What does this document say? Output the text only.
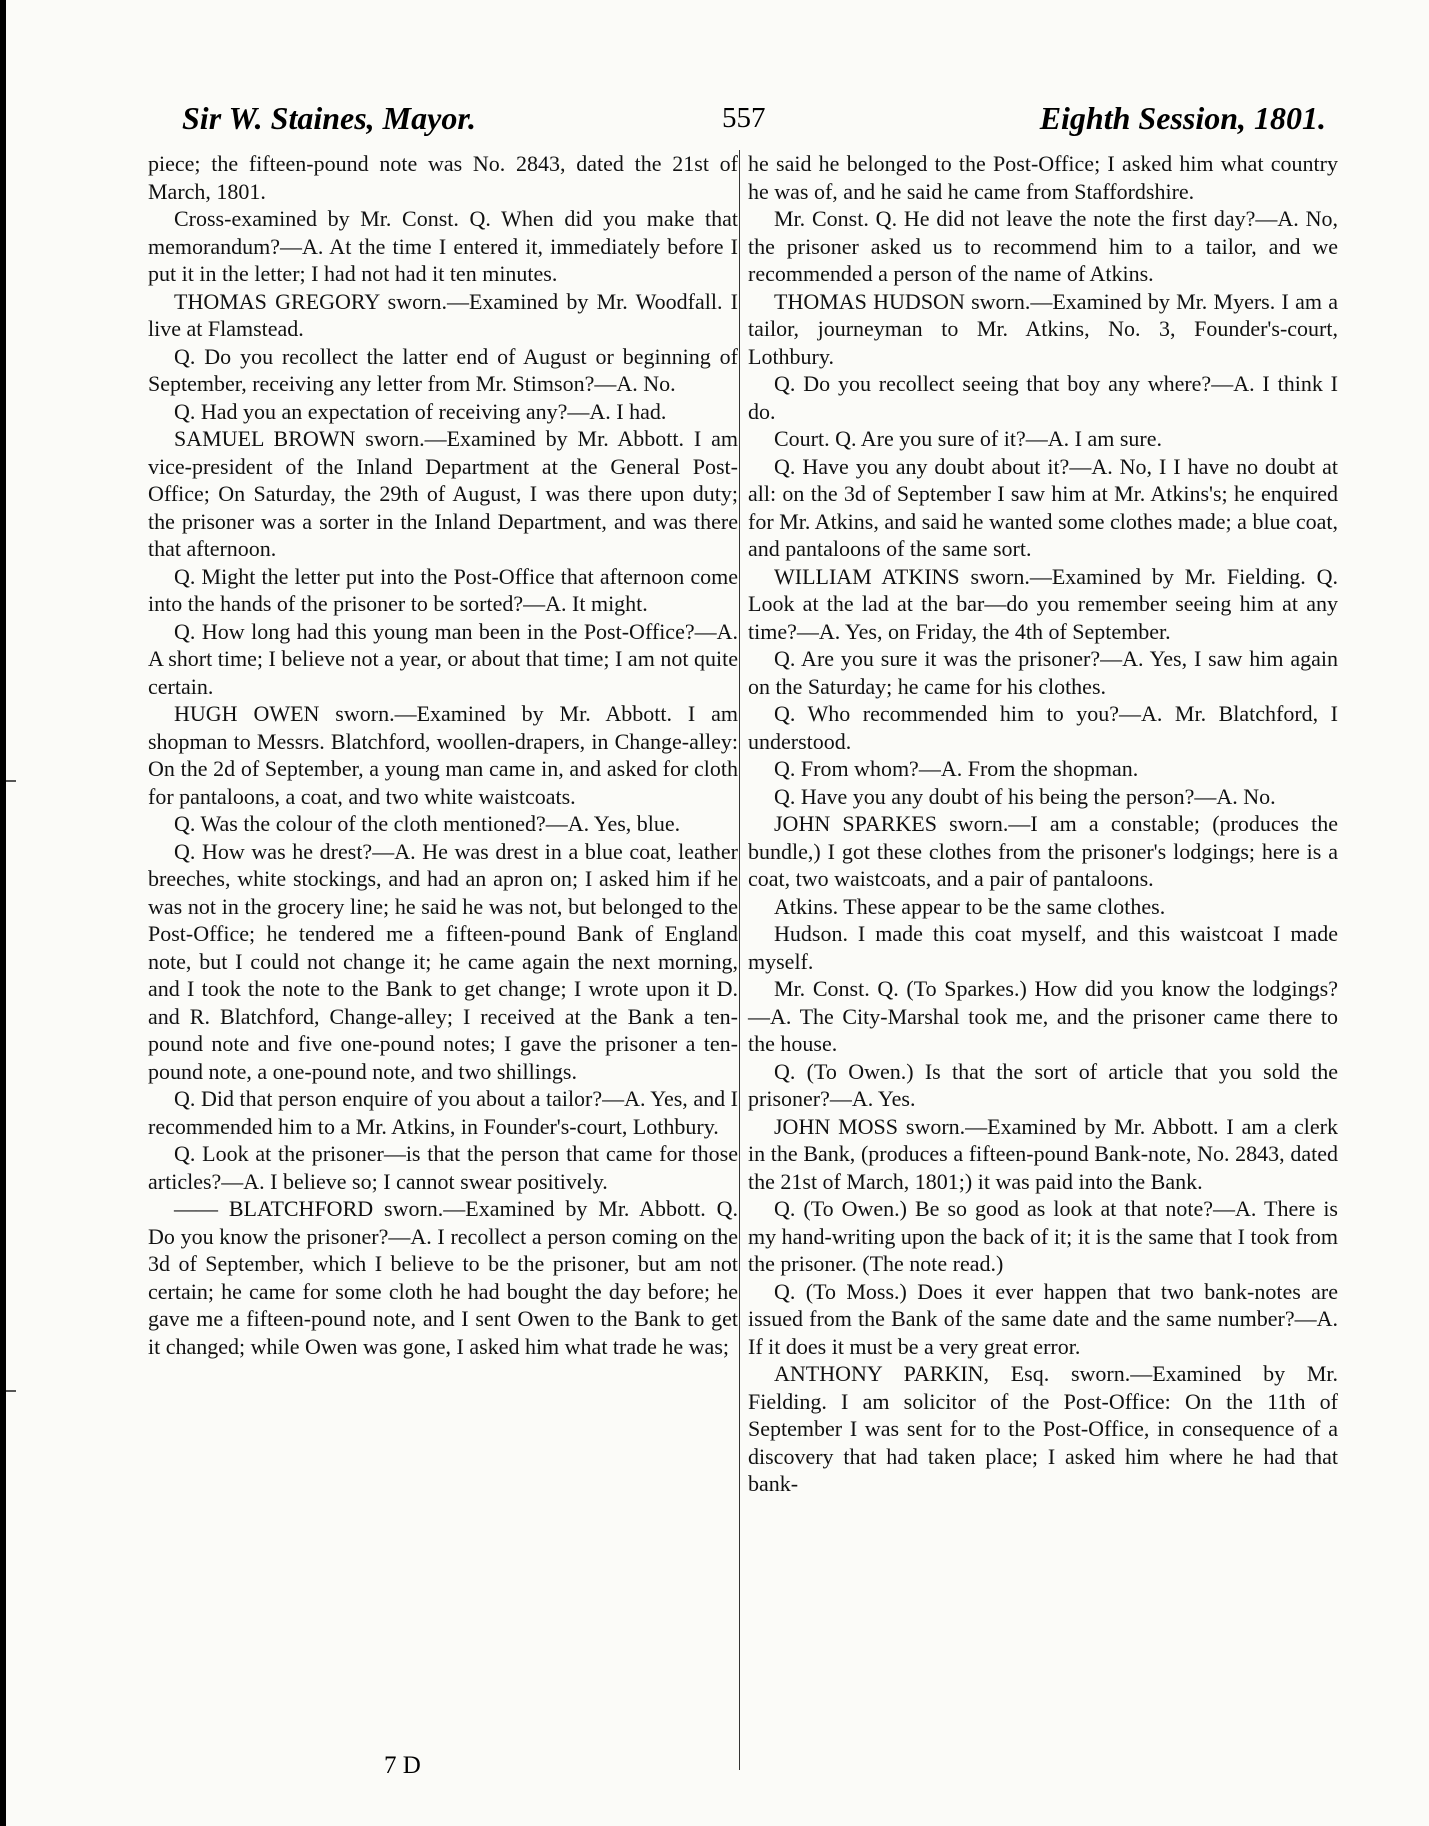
Sir W. Staines, Mayor.	557	Eighth Session, 1801.

piece; the fifteen-pound note was No. 2843, dated the 21st of March, 1801.

Cross-examined by Mr. Const. Q. When did you make that memorandum?—A. At the time I entered it, immediately before I put it in the letter; I had not had it ten minutes.

THOMAS GREGORY sworn.—Examined by Mr. Woodfall. I live at Flamstead.

Q. Do you recollect the latter end of August or beginning of September, receiving any letter from Mr. Stimson?—A. No.

Q. Had you an expectation of receiving any?—A. I had.

SAMUEL BROWN sworn.—Examined by Mr. Abbott. I am vice-president of the Inland Department at the General Post-Office; On Saturday, the 29th of August, I was there upon duty; the prisoner was a sorter in the Inland Department, and was there that afternoon.

Q. Might the letter put into the Post-Office that afternoon come into the hands of the prisoner to be sorted?—A. It might.

Q. How long had this young man been in the Post-Office?—A. A short time; I believe not a year, or about that time; I am not quite certain.

HUGH OWEN sworn.—Examined by Mr. Abbott. I am shopman to Messrs. Blatchford, woollen-drapers, in Change-alley: On the 2d of September, a young man came in, and asked for cloth for pantaloons, a coat, and two white waistcoats.

Q. Was the colour of the cloth mentioned?—A. Yes, blue.

Q. How was he drest?—A. He was drest in a blue coat, leather breeches, white stockings, and had an apron on; I asked him if he was not in the grocery line; he said he was not, but belonged to the Post-Office; he tendered me a fifteen-pound Bank of England note, but I could not change it; he came again the next morning, and I took the note to the Bank to get change; I wrote upon it D. and R. Blatchford, Change-alley; I received at the Bank a ten-pound note and five one-pound notes; I gave the prisoner a ten-pound note, a one-pound note, and two shillings.

Q. Did that person enquire of you about a tailor?—A. Yes, and I recommended him to a Mr. Atkins, in Founder's-court, Lothbury.

Q. Look at the prisoner—is that the person that came for those articles?—A. I believe so; I cannot swear positively.

—— BLATCHFORD sworn.—Examined by Mr. Abbott. Q. Do you know the prisoner?—A. I recollect a person coming on the 3d of September, which I believe to be the prisoner, but am not certain; he came for some cloth he had bought the day before; he gave me a fifteen-pound note, and I sent Owen to the Bank to get it changed; while Owen was gone, I asked him what trade he was;

he said he belonged to the Post-Office; I asked him what country he was of, and he said he came from Staffordshire.

Mr. Const. Q. He did not leave the note the first day?—A. No, the prisoner asked us to recommend him to a tailor, and we recommended a person of the name of Atkins.

THOMAS HUDSON sworn.—Examined by Mr. Myers. I am a tailor, journeyman to Mr. Atkins, No. 3, Founder's-court, Lothbury.

Q. Do you recollect seeing that boy any where?—A. I think I do.

Court. Q. Are you sure of it?—A. I am sure.

Q. Have you any doubt about it?—A. No, I I have no doubt at all: on the 3d of September I saw him at Mr. Atkins's; he enquired for Mr. Atkins, and said he wanted some clothes made; a blue coat, and pantaloons of the same sort.

WILLIAM ATKINS sworn.—Examined by Mr. Fielding. Q. Look at the lad at the bar—do you remember seeing him at any time?—A. Yes, on Friday, the 4th of September.

Q. Are you sure it was the prisoner?—A. Yes, I saw him again on the Saturday; he came for his clothes.

Q. Who recommended him to you?—A. Mr. Blatchford, I understood.

Q. From whom?—A. From the shopman.

Q. Have you any doubt of his being the person?—A. No.

JOHN SPARKES sworn.—I am a constable; (produces the bundle,) I got these clothes from the prisoner's lodgings; here is a coat, two waistcoats, and a pair of pantaloons.

Atkins. These appear to be the same clothes.

Hudson. I made this coat myself, and this waistcoat I made myself.

Mr. Const. Q. (To Sparkes.) How did you know the lodgings?—A. The City-Marshal took me, and the prisoner came there to the house.

Q. (To Owen.) Is that the sort of article that you sold the prisoner?—A. Yes.

JOHN MOSS sworn.—Examined by Mr. Abbott. I am a clerk in the Bank, (produces a fifteen-pound Bank-note, No. 2843, dated the 21st of March, 1801;) it was paid into the Bank.

Q. (To Owen.) Be so good as look at that note?—A. There is my hand-writing upon the back of it; it is the same that I took from the prisoner. (The note read.)

Q. (To Moss.) Does it ever happen that two bank-notes are issued from the Bank of the same date and the same number?—A. If it does it must be a very great error.

ANTHONY PARKIN, Esq. sworn.—Examined by Mr. Fielding. I am solicitor of the Post-Office: On the 11th of September I was sent for to the Post-Office, in consequence of a discovery that had taken place; I asked him where he had that bank-

7 D
